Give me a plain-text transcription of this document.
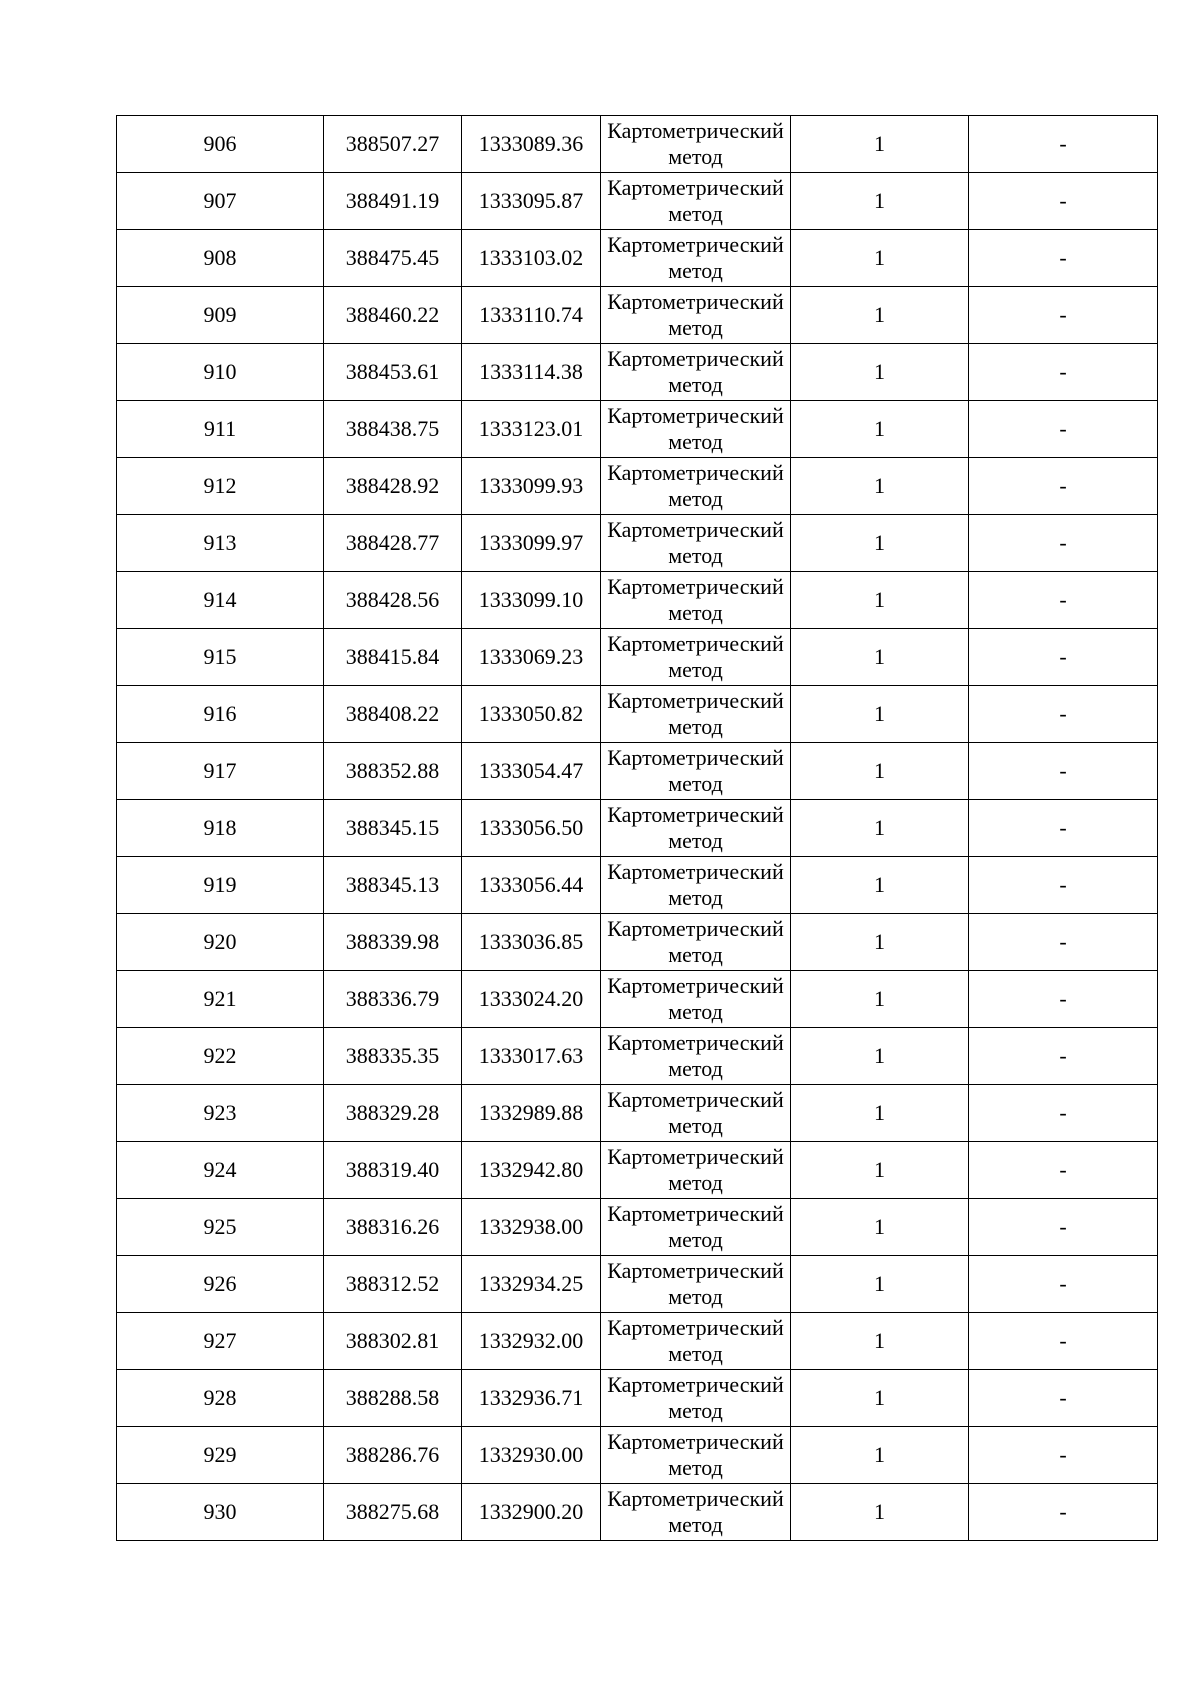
906	388507.27	1333089.36	Картометрический метод	1	-
907	388491.19	1333095.87	Картометрический метод	1	-
908	388475.45	1333103.02	Картометрический метод	1	-
909	388460.22	1333110.74	Картометрический метод	1	-
910	388453.61	1333114.38	Картометрический метод	1	-
911	388438.75	1333123.01	Картометрический метод	1	-
912	388428.92	1333099.93	Картометрический метод	1	-
913	388428.77	1333099.97	Картометрический метод	1	-
914	388428.56	1333099.10	Картометрический метод	1	-
915	388415.84	1333069.23	Картометрический метод	1	-
916	388408.22	1333050.82	Картометрический метод	1	-
917	388352.88	1333054.47	Картометрический метод	1	-
918	388345.15	1333056.50	Картометрический метод	1	-
919	388345.13	1333056.44	Картометрический метод	1	-
920	388339.98	1333036.85	Картометрический метод	1	-
921	388336.79	1333024.20	Картометрический метод	1	-
922	388335.35	1333017.63	Картометрический метод	1	-
923	388329.28	1332989.88	Картометрический метод	1	-
924	388319.40	1332942.80	Картометрический метод	1	-
925	388316.26	1332938.00	Картометрический метод	1	-
926	388312.52	1332934.25	Картометрический метод	1	-
927	388302.81	1332932.00	Картометрический метод	1	-
928	388288.58	1332936.71	Картометрический метод	1	-
929	388286.76	1332930.00	Картометрический метод	1	-
930	388275.68	1332900.20	Картометрический метод	1	-
